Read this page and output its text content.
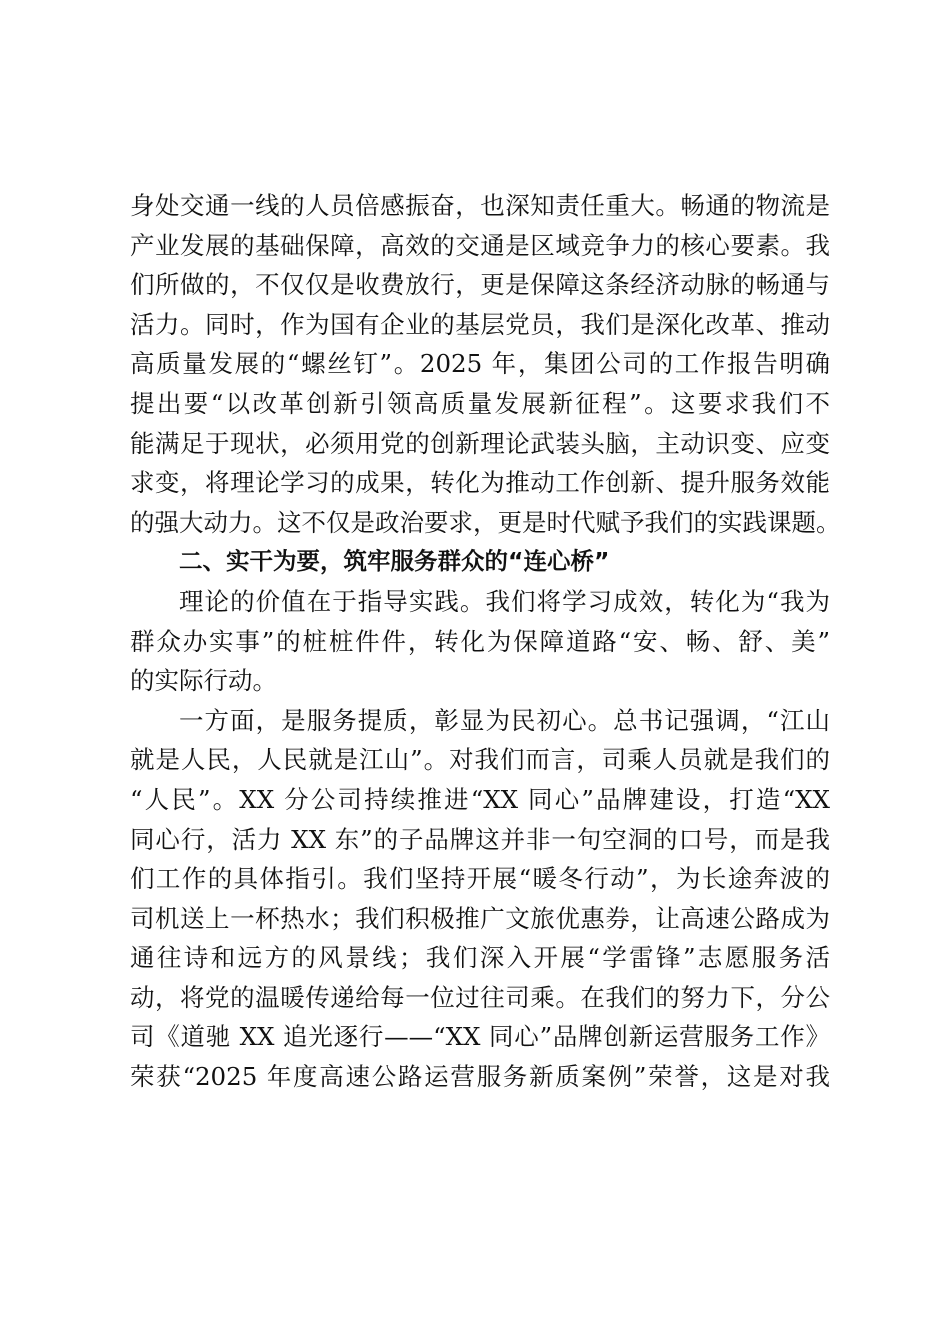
身处交通一线的人员倍感振奋，也深知责任重大。畅通的物流是
产业发展的基础保障，高效的交通是区域竞争力的核心要素。我
们所做的，不仅仅是收费放行，更是保障这条经济动脉的畅通与
活力。同时，作为国有企业的基层党员，我们是深化改革、推动
高质量发展的“螺丝钉”。2025 年，集团公司的工作报告明确
提出要“以改革创新引领高质量发展新征程”。这要求我们不
能满足于现状，必须用党的创新理论武装头脑，主动识变、应变
求变，将理论学习的成果，转化为推动工作创新、提升服务效能
的强大动力。这不仅是政治要求，更是时代赋予我们的实践课题。
二、实干为要，筑牢服务群众的“连心桥”
理论的价值在于指导实践。我们将学习成效，转化为“我为
群众办实事”的桩桩件件，转化为保障道路“安、畅、舒、美”
的实际行动。
一方面，是服务提质，彰显为民初心。总书记强调，“江山
就是人民，人民就是江山”。对我们而言，司乘人员就是我们的
“人民”。XX 分公司持续推进“XX 同心”品牌建设，打造“XX
同心行，活力 XX 东”的子品牌这并非一句空洞的口号，而是我
们工作的具体指引。我们坚持开展“暖冬行动”，为长途奔波的
司机送上一杯热水；我们积极推广文旅优惠券，让高速公路成为
通往诗和远方的风景线；我们深入开展“学雷锋”志愿服务活
动，将党的温暖传递给每一位过往司乘。在我们的努力下，分公
司《道驰 XX 追光逐行——“XX 同心”品牌创新运营服务工作》
荣获“2025 年度高速公路运营服务新质案例”荣誉，这是对我
